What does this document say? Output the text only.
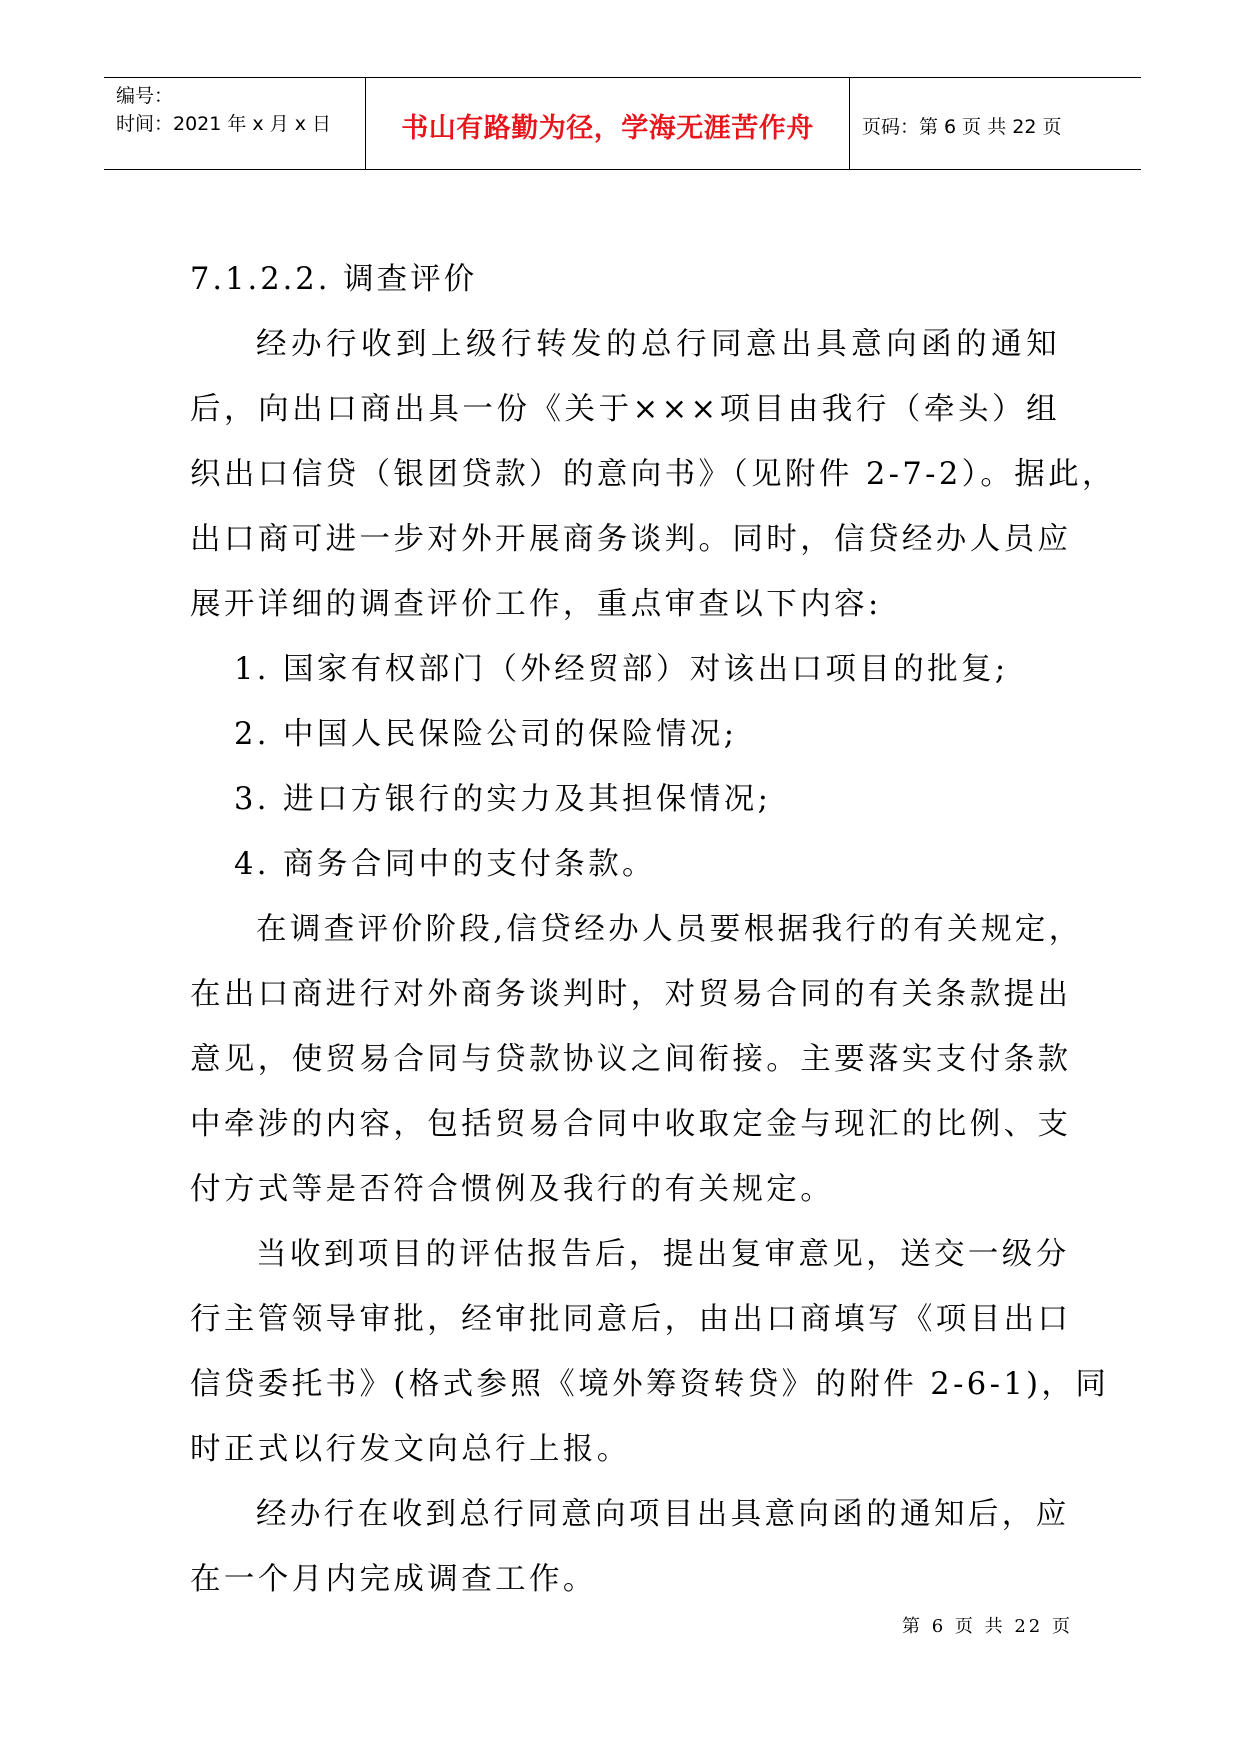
编号：
时间：2021 年 x 月 x 日	书山有路勤为径，学海无涯苦作舟	页码：第 6 页 共 22 页
7.1.2.2. 调查评价
经办行收到上级行转发的总行同意出具意向函的通知
后，向出口商出具一份《关于×××项目由我行（牵头）组
织出口信贷（银团贷款）的意向书》（见附件 2-7-2）。据此，
出口商可进一步对外开展商务谈判。同时，信贷经办人员应
展开详细的调查评价工作，重点审查以下内容:
1. 国家有权部门（外经贸部）对该出口项目的批复;
2. 中国人民保险公司的保险情况;
3. 进口方银行的实力及其担保情况;
4. 商务合同中的支付条款。
在调查评价阶段,信贷经办人员要根据我行的有关规定，
在出口商进行对外商务谈判时，对贸易合同的有关条款提出
意见，使贸易合同与贷款协议之间衔接。主要落实支付条款
中牵涉的内容，包括贸易合同中收取定金与现汇的比例、支
付方式等是否符合惯例及我行的有关规定。
当收到项目的评估报告后，提出复审意见，送交一级分
行主管领导审批，经审批同意后，由出口商填写《项目出口
信贷委托书》(格式参照《境外筹资转贷》的附件 2-6-1)，同
时正式以行发文向总行上报。
经办行在收到总行同意向项目出具意向函的通知后，应
在一个月内完成调查工作。
第 6 页 共 22 页
